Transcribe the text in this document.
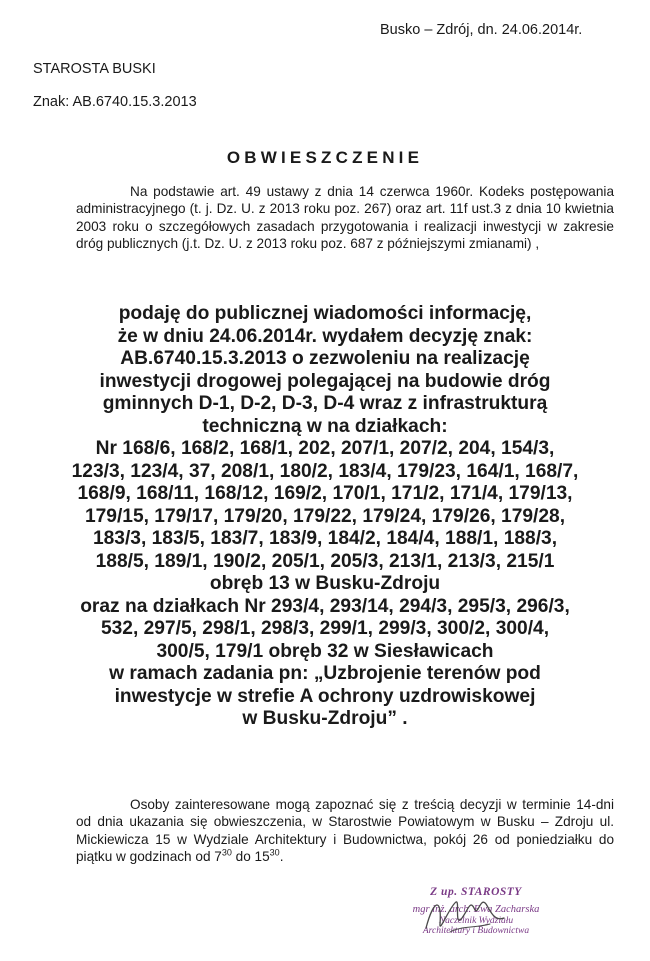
Busko – Zdrój, dn. 24.06.2014r.
STAROSTA BUSKI
Znak: AB.6740.15.3.2013
OBWIESZCZENIE
Na podstawie art. 49 ustawy z dnia 14 czerwca 1960r. Kodeks postępowania administracyjnego (t. j. Dz. U. z 2013 roku poz. 267) oraz art. 11f ust.3 z dnia 10 kwietnia 2003 roku o szczegółowych zasadach przygotowania i realizacji inwestycji w zakresie dróg publicznych (j.t. Dz. U. z 2013 roku poz. 687 z późniejszymi zmianami) ,
podaję do publicznej wiadomości informację,
że w dniu 24.06.2014r. wydałem decyzję znak:
AB.6740.15.3.2013 o zezwoleniu na realizację
inwestycji drogowej polegającej na budowie dróg
gminnych D-1, D-2, D-3, D-4 wraz z infrastrukturą
techniczną w na działkach:
Nr 168/6, 168/2, 168/1, 202, 207/1, 207/2, 204, 154/3,
123/3, 123/4, 37, 208/1, 180/2, 183/4, 179/23, 164/1, 168/7,
168/9, 168/11, 168/12, 169/2, 170/1, 171/2, 171/4, 179/13,
179/15, 179/17, 179/20, 179/22, 179/24, 179/26, 179/28,
183/3, 183/5, 183/7, 183/9, 184/2, 184/4, 188/1, 188/3,
188/5, 189/1, 190/2, 205/1, 205/3, 213/1, 213/3, 215/1
obręb 13 w Busku-Zdroju
oraz na działkach Nr 293/4, 293/14, 294/3, 295/3, 296/3,
532, 297/5, 298/1, 298/3, 299/1, 299/3, 300/2, 300/4,
300/5, 179/1 obręb 32 w Siesławicach
w ramach zadania pn: „Uzbrojenie terenów pod
inwestycje w strefie A ochrony uzdrowiskowej
w Busku-Zdroju” .
Osoby zainteresowane mogą zapoznać się z treścią decyzji w terminie 14-dni od dnia ukazania się obwieszczenia, w Starostwie Powiatowym w Busku – Zdroju ul. Mickiewicza 15 w Wydziale Architektury i Budownictwa, pokój 26 od poniedziałku do piątku w godzinach od $7^{30}$ do $15^{30}$.
Z up. STAROSTY
mgr inż. arch. Ewa Zacharska
Naczelnik Wydziału
Architektury i Budownictwa
